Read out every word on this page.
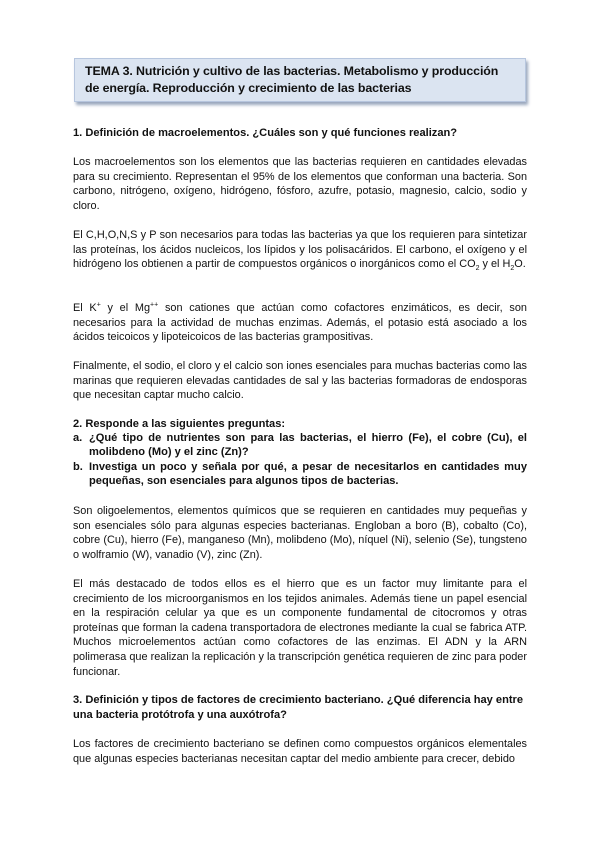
TEMA 3. Nutrición y cultivo de las bacterias. Metabolismo y producción

de energía. Reproducción y crecimiento de las bacterias

1. Definición de macroelementos. ¿Cuáles son y qué funciones realizan?

Los macroelementos son los elementos que las bacterias requieren en cantidades elevadas para su crecimiento. Representan el 95% de los elementos que conforman una bacteria. Son carbono, nitrógeno, oxígeno, hidrógeno, fósforo, azufre, potasio, magnesio, calcio, sodio y cloro.

El C,H,O,N,S y P son necesarios para todas las bacterias ya que los requieren para sintetizar las proteínas, los ácidos nucleicos, los lípidos y los polisacáridos. El carbono, el oxígeno y el hidrógeno los obtienen a partir de compuestos orgánicos o inorgánicos como el $CO_2$ y el $H_2O$.

El K+ y el Mg++ son cationes que actúan como cofactores enzimáticos, es decir, son necesarios para la actividad de muchas enzimas. Además, el potasio está asociado a los ácidos teicoicos y lipoteicoicos de las bacterias grampositivas.

Finalmente, el sodio, el cloro y el calcio son iones esenciales para muchas bacterias como las marinas que requieren elevadas cantidades de sal y las bacterias formadoras de endosporas que necesitan captar mucho calcio.

2. Responde a las siguientes preguntas:

a. ¿Qué tipo de nutrientes son para las bacterias, el hierro (Fe), el cobre (Cu), el molibdeno (Mo) y el zinc (Zn)?
b. Investiga un poco y señala por qué, a pesar de necesitarlos en cantidades muy pequeñas, son esenciales para algunos tipos de bacterias.

Son oligoelementos, elementos químicos que se requieren en cantidades muy pequeñas y son esenciales sólo para algunas especies bacterianas. Engloban a boro (B), cobalto (Co), cobre (Cu), hierro (Fe), manganeso (Mn), molibdeno (Mo), níquel (Ni), selenio (Se), tungsteno o wolframio (W), vanadio (V), zinc (Zn).

El más destacado de todos ellos es el hierro que es un factor muy limitante para el crecimiento de los microorganismos en los tejidos animales. Además tiene un papel esencial en la respiración celular ya que es un componente fundamental de citocromos y otras proteínas que forman la cadena transportadora de electrones mediante la cual se fabrica ATP. Muchos microelementos actúan como cofactores de las enzimas. El ADN y la ARN polimerasa que realizan la replicación y la transcripción genética requieren de zinc para poder funcionar.

3. Definición y tipos de factores de crecimiento bacteriano. ¿Qué diferencia hay entre una bacteria protótrofa y una auxótrofa?

Los factores de crecimiento bacteriano se definen como compuestos orgánicos elementales que algunas especies bacterianas necesitan captar del medio ambiente para crecer, debido
